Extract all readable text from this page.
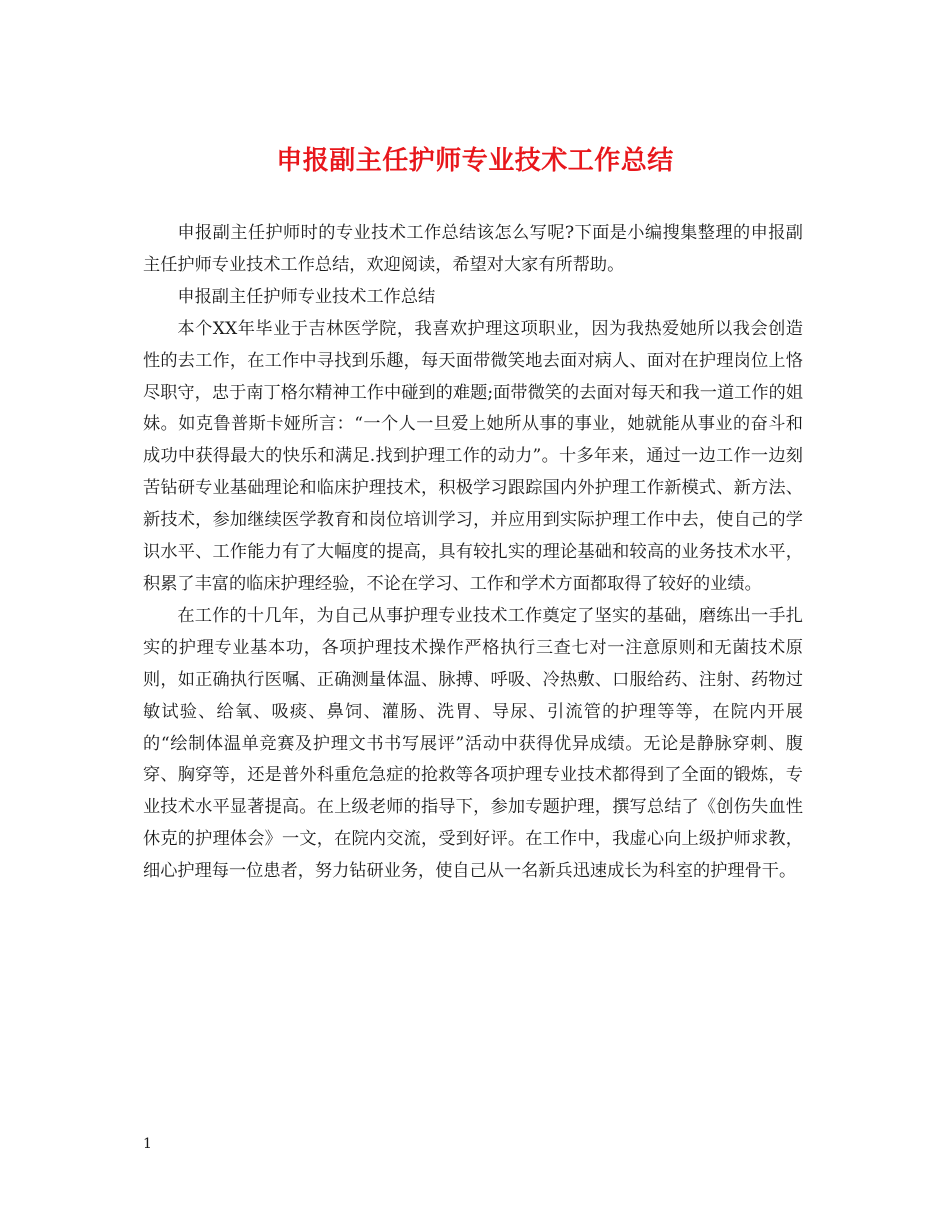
申报副主任护师专业技术工作总结

申报副主任护师时的专业技术工作总结该怎么写呢?下面是小编搜集整理的申报副主任护师专业技术工作总结，欢迎阅读，希望对大家有所帮助。

申报副主任护师专业技术工作总结

本个XX年毕业于吉林医学院，我喜欢护理这项职业，因为我热爱她所以我会创造性的去工作，在工作中寻找到乐趣，每天面带微笑地去面对病人、面对在护理岗位上恪尽职守，忠于南丁格尔精神工作中碰到的难题;面带微笑的去面对每天和我一道工作的姐妹。如克鲁普斯卡娅所言：“一个人一旦爱上她所从事的事业，她就能从事业的奋斗和成功中获得最大的快乐和满足.找到护理工作的动力”。十多年来，通过一边工作一边刻苦钻研专业基础理论和临床护理技术，积极学习跟踪国内外护理工作新模式、新方法、新技术，参加继续医学教育和岗位培训学习，并应用到实际护理工作中去，使自己的学识水平、工作能力有了大幅度的提高，具有较扎实的理论基础和较高的业务技术水平，积累了丰富的临床护理经验，不论在学习、工作和学术方面都取得了较好的业绩。

在工作的十几年，为自己从事护理专业技术工作奠定了坚实的基础，磨练出一手扎实的护理专业基本功，各项护理技术操作严格执行三查七对一注意原则和无菌技术原则，如正确执行医嘱、正确测量体温、脉搏、呼吸、冷热敷、口服给药、注射、药物过敏试验、给氧、吸痰、鼻饲、灌肠、洗胃、导尿、引流管的护理等等，在院内开展的“绘制体温单竞赛及护理文书书写展评”活动中获得优异成绩。无论是静脉穿刺、腹穿、胸穿等，还是普外科重危急症的抢救等各项护理专业技术都得到了全面的锻炼，专业技术水平显著提高。在上级老师的指导下，参加专题护理，撰写总结了《创伤失血性休克的护理体会》一文，在院内交流，受到好评。在工作中，我虚心向上级护师求教，细心护理每一位患者，努力钻研业务，使自己从一名新兵迅速成长为科室的护理骨干。

1
